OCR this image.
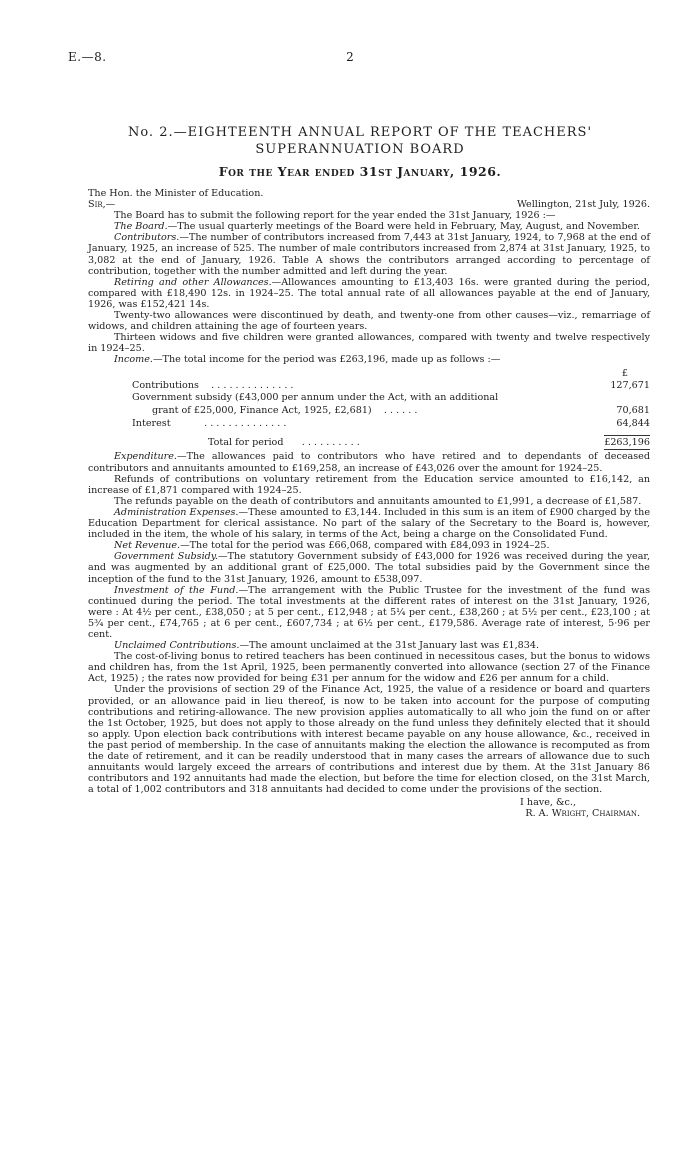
E.—8.	2
No. 2.—EIGHTEENTH ANNUAL REPORT OF THE TEACHERS'
SUPERANNUATION BOARD
For the Year ended 31st January, 1926.

The Hon. the Minister of Education.

Sir,—	Wellington, 21st July, 1926.

The Board has to submit the following report for the year ended the 31st January, 1926 :—

The Board.—The usual quarterly meetings of the Board were held in February, May, August, and November.

Contributors.—The number of contributors increased from 7,443 at 31st January, 1924, to 7,968 at the end of January, 1925, an increase of 525. The number of male contributors increased from 2,874 at 31st January, 1925, to 3,082 at the end of January, 1926. Table A shows the contributors arranged according to percentage of contribution, together with the number admitted and left during the year.

Retiring and other Allowances.—Allowances amounting to £13,403 16s. were granted during the period, compared with £18,490 12s. in 1924–25. The total annual rate of all allowances payable at the end of January, 1926, was £152,421 14s.

Twenty-two allowances were discontinued by death, and twenty-one from other causes—viz., remarriage of widows, and children attaining the age of fourteen years.

Thirteen widows and five children were granted allowances, compared with twenty and twelve respectively in 1924–25.

Income.—The total income for the period was £263,196, made up as follows :—

£
Contributions . . . . . . . . . . . . . .	127,671
Government subsidy (£43,000 per annum under the Act, with an additional
grant of £25,000, Finance Act, 1925, £2,681) . . . . . .	70,681
Interest	. . . . . . . . . . . . . .	64,844
Total for period . . . . . . . . . .	£263,196

Expenditure.—The allowances paid to contributors who have retired and to dependants of deceased contributors and annuitants amounted to £169,258, an increase of £43,026 over the amount for 1924–25.

Refunds of contributions on voluntary retirement from the Education service amounted to £16,142, an increase of £1,871 compared with 1924–25.

The refunds payable on the death of contributors and annuitants amounted to £1,991, a decrease of £1,587.

Administration Expenses.—These amounted to £3,144. Included in this sum is an item of £900 charged by the Education Department for clerical assistance. No part of the salary of the Secretary to the Board is, however, included in the item, the whole of his salary, in terms of the Act, being a charge on the Consolidated Fund.

Net Revenue.—The total for the period was £66,068, compared with £84,093 in 1924–25.

Government Subsidy.—The statutory Government subsidy of £43,000 for 1926 was received during the year, and was augmented by an additional grant of £25,000. The total subsidies paid by the Government since the inception of the fund to the 31st January, 1926, amount to £538,097.

Investment of the Fund.—The arrangement with the Public Trustee for the investment of the fund was continued during the period. The total investments at the different rates of interest on the 31st January, 1926, were : At 4½ per cent., £38,050 ; at 5 per cent., £12,948 ; at 5¼ per cent., £38,260 ; at 5½ per cent., £23,100 ; at 5¾ per cent., £74,765 ; at 6 per cent., £607,734 ; at 6½ per cent., £179,586. Average rate of interest, 5·96 per cent.

Unclaimed Contributions.—The amount unclaimed at the 31st January last was £1,834.

The cost-of-living bonus to retired teachers has been continued in necessitous cases, but the bonus to widows and children has, from the 1st April, 1925, been permanently converted into allowance (section 27 of the Finance Act, 1925) ; the rates now provided for being £31 per annum for the widow and £26 per annum for a child.

Under the provisions of section 29 of the Finance Act, 1925, the value of a residence or board and quarters provided, or an allowance paid in lieu thereof, is now to be taken into account for the purpose of computing contributions and retiring-allowance. The new provision applies automatically to all who join the fund on or after the 1st October, 1925, but does not apply to those already on the fund unless they definitely elected that it should so apply. Upon election back contributions with interest became payable on any house allowance, &c., received in the past period of membership. In the case of annuitants making the election the allowance is recomputed as from the date of retirement, and it can be readily understood that in many cases the arrears of allowance due to such annuitants would largely exceed the arrears of contributions and interest due by them. At the 31st January 86 contributors and 192 annuitants had made the election, but before the time for election closed, on the 31st March, a total of 1,002 contributors and 318 annuitants had decided to come under the provisions of the section.

I have, &c.,
R. A. Wright, Chairman.
